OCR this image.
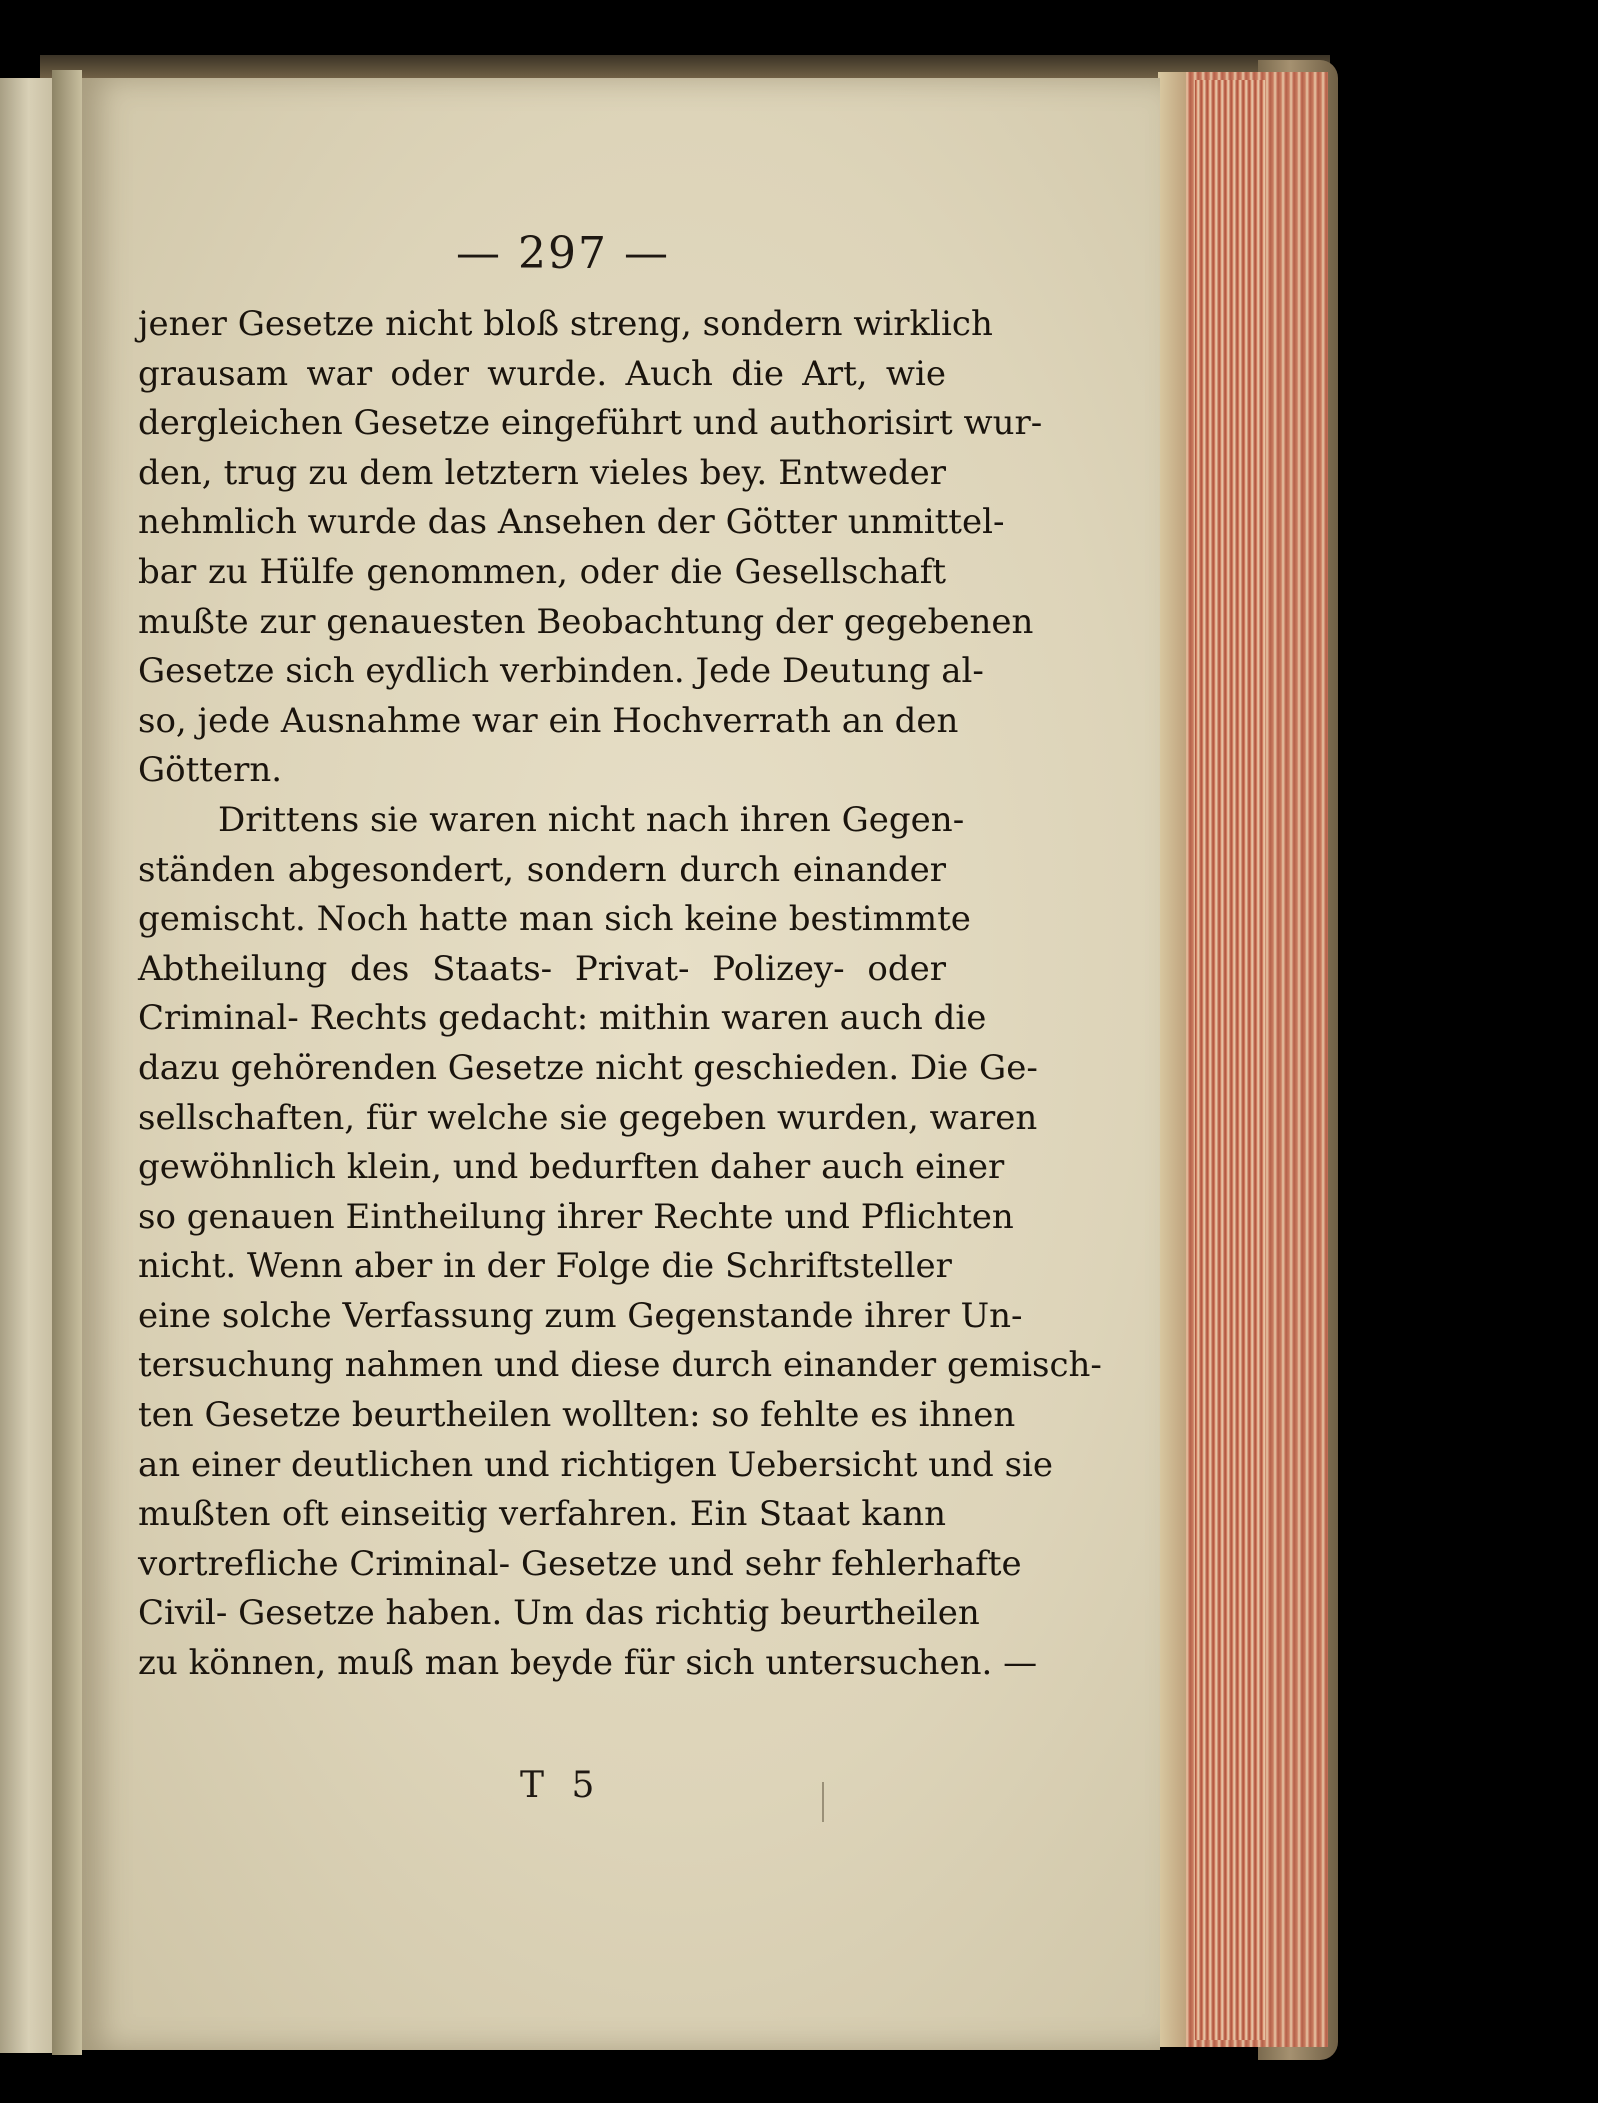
— 297 —
jener Gesetze nicht bloß streng, sondern wirklich
grausam war oder wurde. Auch die Art, wie
dergleichen Gesetze eingeführt und authorisirt wur-
den, trug zu dem letztern vieles bey. Entweder
nehmlich wurde das Ansehen der Götter unmittel-
bar zu Hülfe genommen, oder die Gesellschaft
mußte zur genauesten Beobachtung der gegebenen
Gesetze sich eydlich verbinden. Jede Deutung al-
so, jede Ausnahme war ein Hochverrath an den
Göttern.
Drittens sie waren nicht nach ihren Gegen-
ständen abgesondert, sondern durch einander
gemischt. Noch hatte man sich keine bestimmte
Abtheilung des Staats- Privat- Polizey- oder
Criminal- Rechts gedacht: mithin waren auch die
dazu gehörenden Gesetze nicht geschieden. Die Ge-
sellschaften, für welche sie gegeben wurden, waren
gewöhnlich klein, und bedurften daher auch einer
so genauen Eintheilung ihrer Rechte und Pflichten
nicht. Wenn aber in der Folge die Schriftsteller
eine solche Verfassung zum Gegenstande ihrer Un-
tersuchung nahmen und diese durch einander gemisch-
ten Gesetze beurtheilen wollten: so fehlte es ihnen
an einer deutlichen und richtigen Uebersicht und sie
mußten oft einseitig verfahren. Ein Staat kann
vortrefliche Criminal- Gesetze und sehr fehlerhafte
Civil- Gesetze haben. Um das richtig beurtheilen
zu können, muß man beyde für sich untersuchen. —
T 5
